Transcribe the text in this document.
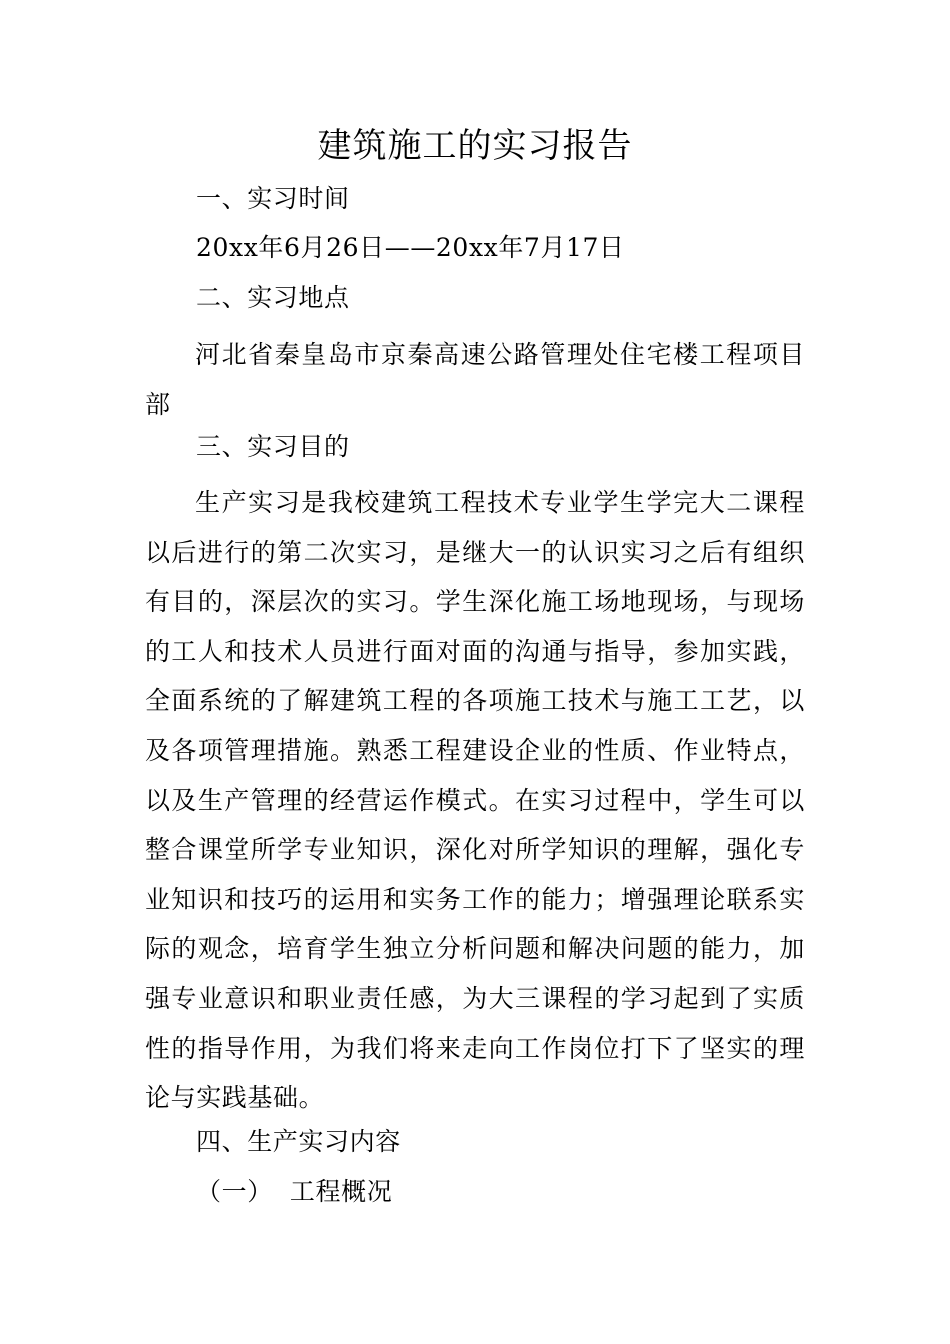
建筑施工的实习报告
一、实习时间
20xx年6月26日——20xx年7月17日
二、实习地点

河北省秦皇岛市京秦高速公路管理处住宅楼工程项目部

三、实习目的

生产实习是我校建筑工程技术专业学生学完大二课程以后进行的第二次实习，是继大一的认识实习之后有组织有目的，深层次的实习。学生深化施工场地现场，与现场的工人和技术人员进行面对面的沟通与指导，参加实践，全面系统的了解建筑工程的各项施工技术与施工工艺，以及各项管理措施。熟悉工程建设企业的性质、作业特点，以及生产管理的经营运作模式。在实习过程中，学生可以整合课堂所学专业知识，深化对所学知识的理解，强化专业知识和技巧的运用和实务工作的能力；增强理论联系实际的观念，培育学生独立分析问题和解决问题的能力，加强专业意识和职业责任感，为大三课程的学习起到了实质性的指导作用，为我们将来走向工作岗位打下了坚实的理论与实践基础。

四、生产实习内容
（一）  工程概况
